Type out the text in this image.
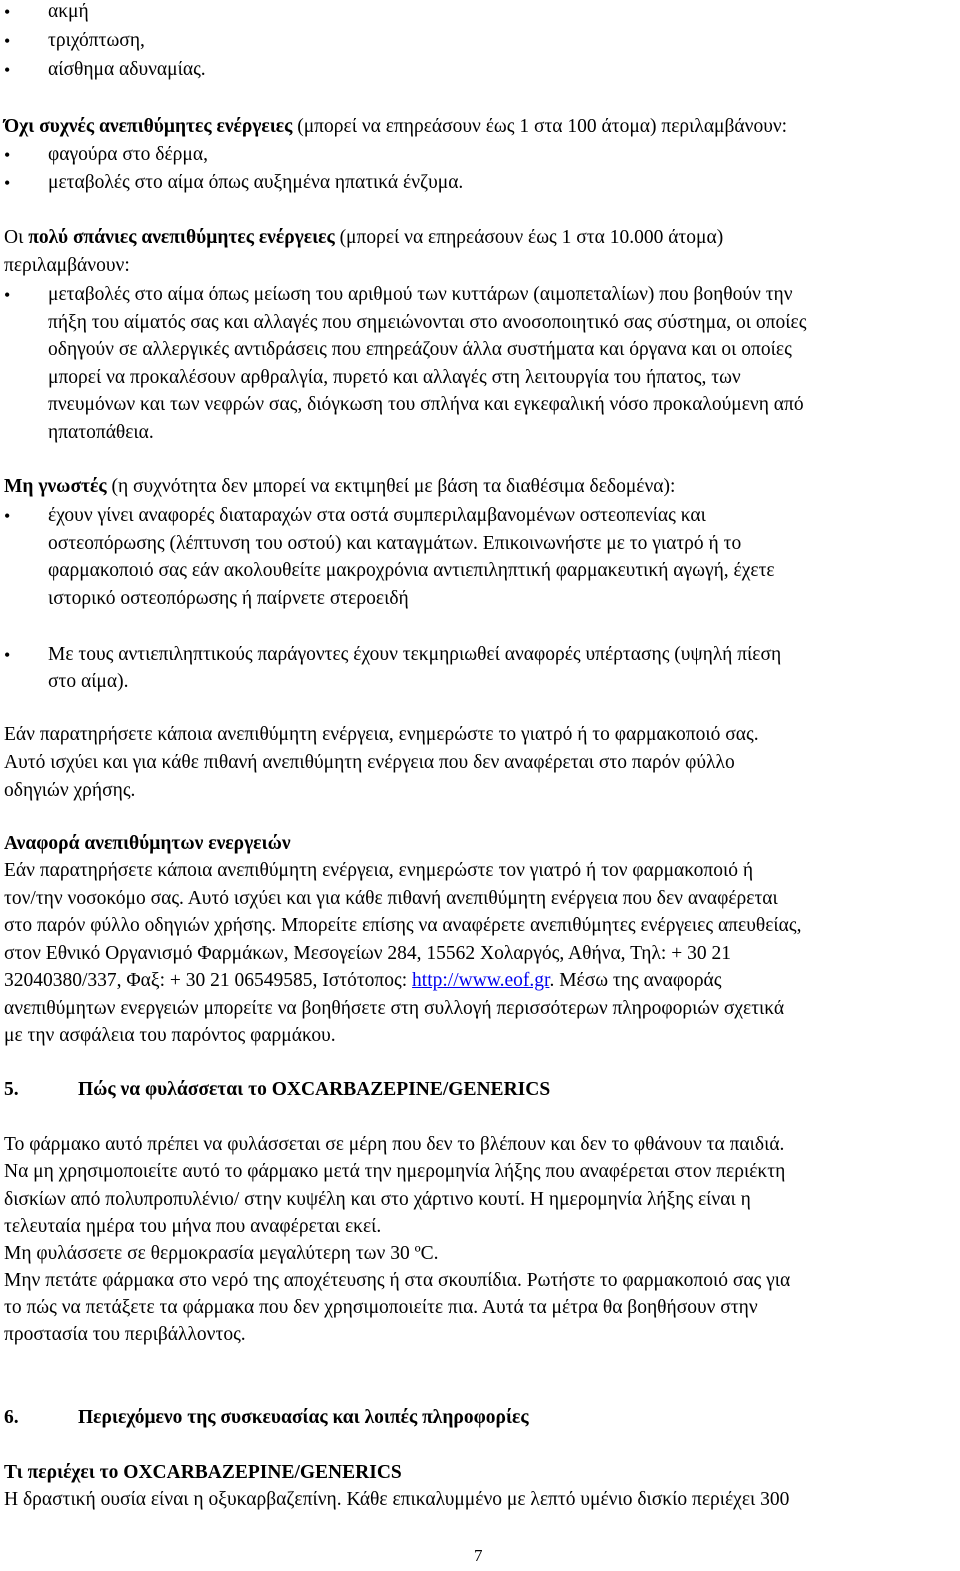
• ακμή
• τριχόπτωση,
• αίσθημα αδυναμίας.
Όχι συχνές ανεπιθύμητες ενέργειες (μπορεί να επηρεάσουν έως 1 στα 100 άτομα) περιλαμβάνουν:
• φαγούρα στο δέρμα,
• μεταβολές στο αίμα όπως αυξημένα ηπατικά ένζυμα.
Οι πολύ σπάνιες ανεπιθύμητες ενέργειες (μπορεί να επηρεάσουν έως 1 στα 10.000 άτομα)
περιλαμβάνουν:
• μεταβολές στο αίμα όπως μείωση του αριθμού των κυττάρων (αιμοπεταλίων) που βοηθούν την
πήξη του αίματός σας και αλλαγές που σημειώνονται στο ανοσοποιητικό σας σύστημα, οι οποίες
οδηγούν σε αλλεργικές αντιδράσεις που επηρεάζουν άλλα συστήματα και όργανα και οι οποίες
μπορεί να προκαλέσουν αρθραλγία, πυρετό και αλλαγές στη λειτουργία του ήπατος, των
πνευμόνων και των νεφρών σας, διόγκωση του σπλήνα και εγκεφαλική νόσο προκαλούμενη από
ηπατοπάθεια.
Μη γνωστές (η συχνότητα δεν μπορεί να εκτιμηθεί με βάση τα διαθέσιμα δεδομένα):
• έχουν γίνει αναφορές διαταραχών στα οστά συμπεριλαμβανομένων οστεοπενίας και
οστεοπόρωσης (λέπτυνση του οστού) και καταγμάτων. Επικοινωνήστε με το γιατρό ή το
φαρμακοποιό σας εάν ακολουθείτε μακροχρόνια αντιεπιληπτική φαρμακευτική αγωγή, έχετε
ιστορικό οστεοπόρωσης ή παίρνετε στεροειδή
• Με τους αντιεπιληπτικούς παράγοντες έχουν τεκμηριωθεί αναφορές υπέρτασης (υψηλή πίεση
στο αίμα).
Εάν παρατηρήσετε κάποια ανεπιθύμητη ενέργεια, ενημερώστε το γιατρό ή το φαρμακοποιό σας.
Αυτό ισχύει και για κάθε πιθανή ανεπιθύμητη ενέργεια που δεν αναφέρεται στο παρόν φύλλο
οδηγιών χρήσης.
Αναφορά ανεπιθύμητων ενεργειών
Εάν παρατηρήσετε κάποια ανεπιθύμητη ενέργεια, ενημερώστε τον γιατρό ή τον φαρμακοποιό ή
τον/την νοσοκόμο σας. Αυτό ισχύει και για κάθε πιθανή ανεπιθύμητη ενέργεια που δεν αναφέρεται
στο παρόν φύλλο οδηγιών χρήσης. Μπορείτε επίσης να αναφέρετε ανεπιθύμητες ενέργειες απευθείας,
στον Εθνικό Οργανισμό Φαρμάκων, Μεσογείων 284, 15562 Χολαργός, Αθήνα, Τηλ: + 30 21
32040380/337, Φαξ: + 30 21 06549585, Ιστότοπος: http://www.eof.gr. Μέσω της αναφοράς
ανεπιθύμητων ενεργειών μπορείτε να βοηθήσετε στη συλλογή περισσότερων πληροφοριών σχετικά
με την ασφάλεια του παρόντος φαρμάκου.
5.	Πώς να φυλάσσεται το OXCARBAZEPINE/GENERICS
Το φάρμακο αυτό πρέπει να φυλάσσεται σε μέρη που δεν το βλέπουν και δεν το φθάνουν τα παιδιά.
Να μη χρησιμοποιείτε αυτό το φάρμακο μετά την ημερομηνία λήξης που αναφέρεται στον περιέκτη
δισκίων από πολυπροπυλένιο/ στην κυψέλη και στο χάρτινο κουτί. Η ημερομηνία λήξης είναι η
τελευταία ημέρα του μήνα που αναφέρεται εκεί.
Μη φυλάσσετε σε θερμοκρασία μεγαλύτερη των 30 ºC.
Μην πετάτε φάρμακα στο νερό της αποχέτευσης ή στα σκουπίδια. Ρωτήστε το φαρμακοποιό σας για
το πώς να πετάξετε τα φάρμακα που δεν χρησιμοποιείτε πια. Αυτά τα μέτρα θα βοηθήσουν στην
προστασία του περιβάλλοντος.
6.	Περιεχόμενο της συσκευασίας και λοιπές πληροφορίες
Τι περιέχει το OXCARBAZEPINE/GENERICS
Η δραστική ουσία είναι η οξυκαρβαζεπίνη. Κάθε επικαλυμμένο με λεπτό υμένιο δισκίο περιέχει 300
7
